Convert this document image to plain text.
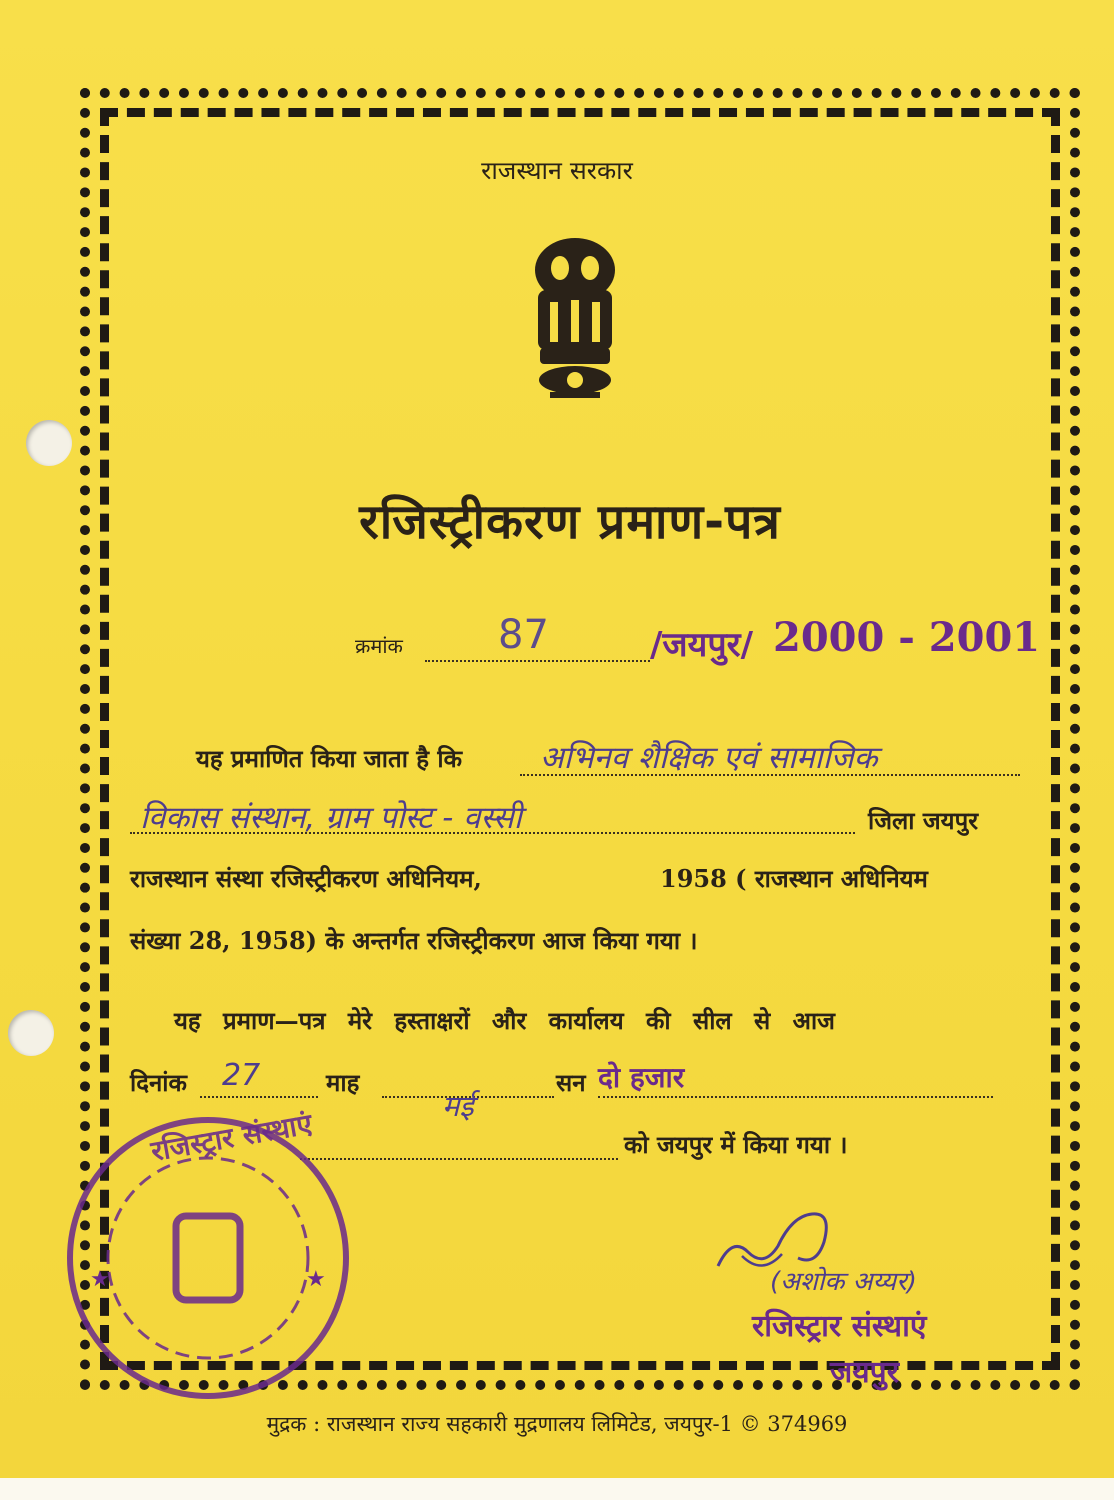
राजस्थान सरकार
रजिस्ट्रीकरण प्रमाण-पत्र
क्रमांक 87	/जयपुर/ 2000 - 2001
यह प्रमाणित किया जाता है कि	अभिनव शैक्षिक एवं सामाजिक
विकास संस्थान, ग्राम पोस्ट - वस्सी	जिला जयपुर
राजस्थान संस्था रजिस्ट्रीकरण अधिनियम,	1958 ( राजस्थान अधिनियम
संख्या 28, 1958) के अन्तर्गत रजिस्ट्रीकरण आज किया गया ।
यह प्रमाण—पत्र मेरे हस्ताक्षरों और कार्यालय की सील से आज
दिनांक 27	माह
मई
सन दो हजार
को जयपुर में किया गया ।
(अशोक अय्यर)
रजिस्ट्रार संस्थाएं
जयपुर
★	★
रजिस्ट्रार संस्थाएं
मुद्रक : राजस्थान राज्य सहकारी मुद्रणालय लिमिटेड, जयपुर-1 © 374969
